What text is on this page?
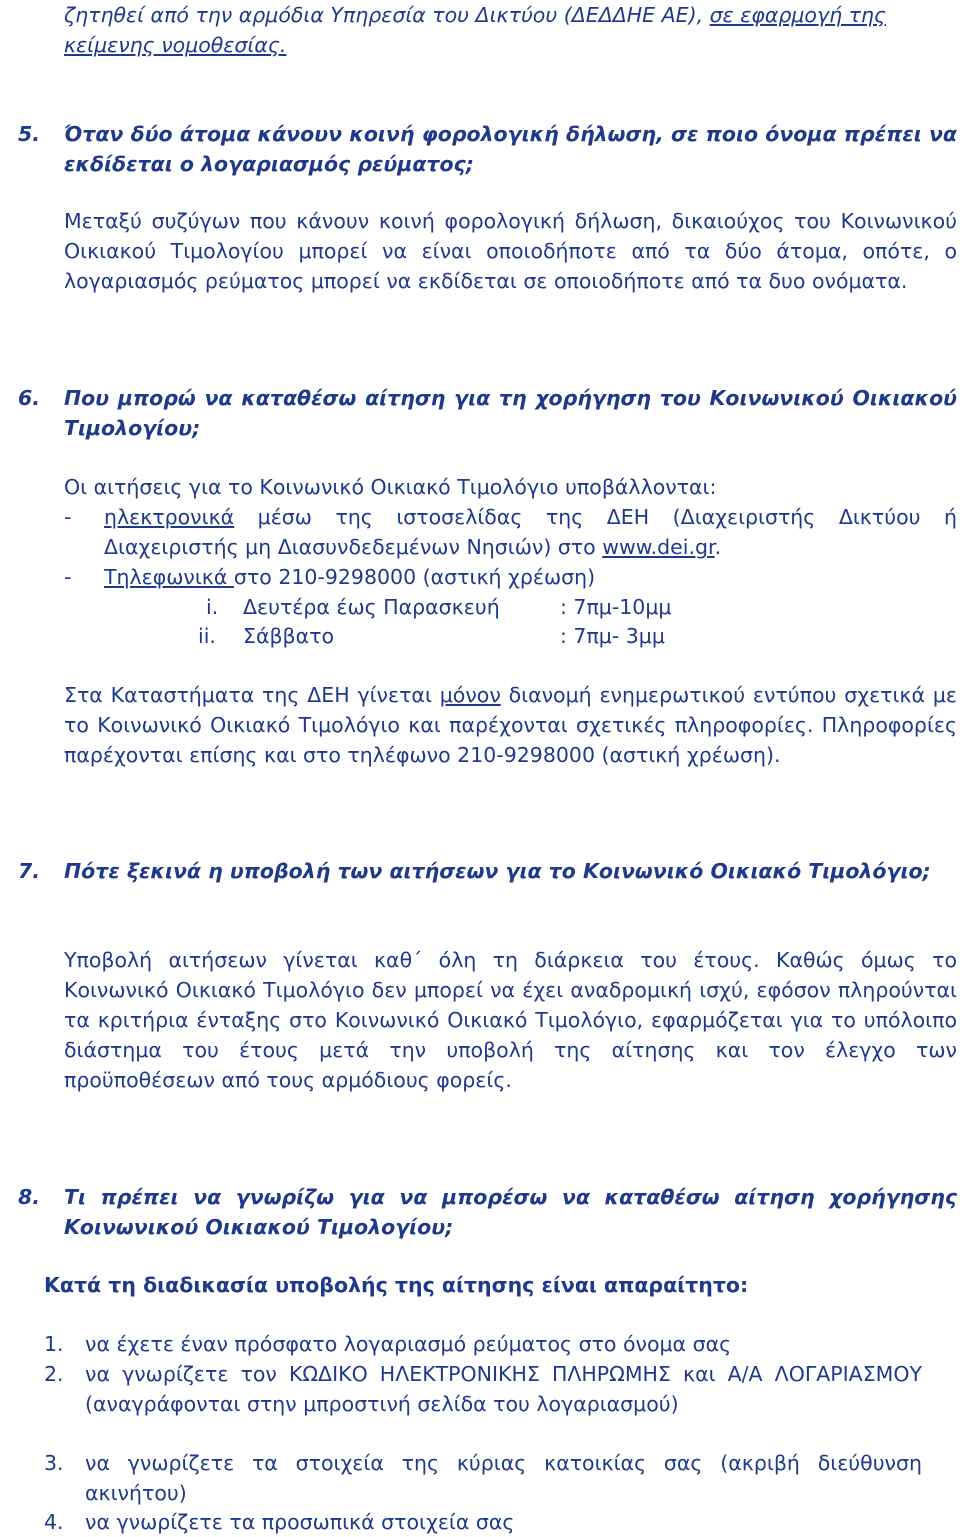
ζητηθεί από την αρμόδια Υπηρεσία του Δικτύου (ΔΕΔΔΗΕ ΑΕ), σε εφαρμογή της κείμενης νομοθεσίας.
5. Όταν δύο άτομα κάνουν κοινή φορολογική δήλωση, σε ποιο όνομα πρέπει να εκδίδεται ο λογαριασμός ρεύματος;
Μεταξύ συζύγων που κάνουν κοινή φορολογική δήλωση, δικαιούχος του Κοινωνικού Οικιακού Τιμολογίου μπορεί να είναι οποιοδήποτε από τα δύο άτομα, οπότε, ο λογαριασμός ρεύματος μπορεί να εκδίδεται σε οποιοδήποτε από τα δυο ονόματα.
6. Που μπορώ να καταθέσω αίτηση για τη χορήγηση του Κοινωνικού Οικιακού Τιμολογίου;
Οι αιτήσεις για το Κοινωνικό Οικιακό Τιμολόγιο υποβάλλονται:
- ηλεκτρονικά μέσω της ιστοσελίδας της ΔΕΗ (Διαχειριστής Δικτύου ή Διαχειριστής μη Διασυνδεδεμένων Νησιών) στο www.dei.gr.
- Τηλεφωνικά στο 210-9298000 (αστική χρέωση)
i. Δευτέρα έως Παρασκευή	: 7πμ-10μμ
ii. Σάββατο	: 7πμ- 3μμ
Στα Καταστήματα της ΔΕΗ γίνεται μόνον διανομή ενημερωτικού εντύπου σχετικά με το Κοινωνικό Οικιακό Τιμολόγιο και παρέχονται σχετικές πληροφορίες. Πληροφορίες παρέχονται επίσης και στο τηλέφωνο 210-9298000 (αστική χρέωση).
7. Πότε ξεκινά η υποβολή των αιτήσεων για το Κοινωνικό Οικιακό Τιμολόγιο;
Υποβολή αιτήσεων γίνεται καθ΄ όλη τη διάρκεια του έτους. Καθώς όμως το Κοινωνικό Οικιακό Τιμολόγιο δεν μπορεί να έχει αναδρομική ισχύ, εφόσον πληρούνται τα κριτήρια ένταξης στο Κοινωνικό Οικιακό Τιμολόγιο, εφαρμόζεται για το υπόλοιπο διάστημα του έτους μετά την υποβολή της αίτησης και τον έλεγχο των προϋποθέσεων από τους αρμόδιους φορείς.
8. Τι πρέπει να γνωρίζω για να μπορέσω να καταθέσω αίτηση χορήγησης Κοινωνικού Οικιακού Τιμολογίου;
Κατά τη διαδικασία υποβολής της αίτησης είναι απαραίτητο:
1. να έχετε έναν πρόσφατο λογαριασμό ρεύματος στο όνομα σας
2. να γνωρίζετε τον ΚΩΔΙΚΟ ΗΛΕΚΤΡΟΝΙΚΗΣ ΠΛΗΡΩΜΗΣ και Α/Α ΛΟΓΑΡΙΑΣΜΟΥ (αναγράφονται στην μπροστινή σελίδα του λογαριασμού)
3. να γνωρίζετε τα στοιχεία της κύριας κατοικίας σας (ακριβή διεύθυνση ακινήτου)
4. να γνωρίζετε τα προσωπικά στοιχεία σας
